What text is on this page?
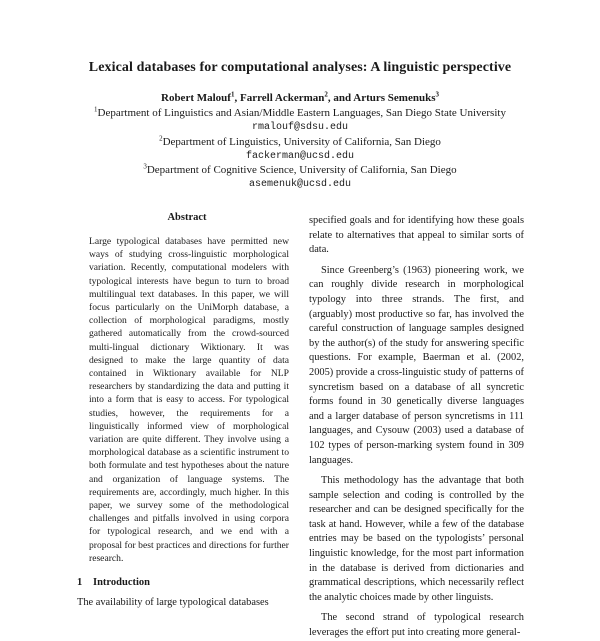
Lexical databases for computational analyses: A linguistic perspective
Robert Malouf$^1$, Farrell Ackerman$^2$, and Arturs Semenuks$^3$
$^1$Department of Linguistics and Asian/Middle Eastern Languages, San Diego State University
rmalouf@sdsu.edu
$^2$Department of Linguistics, University of California, San Diego
fackerman@ucsd.edu
$^3$Department of Cognitive Science, University of California, San Diego
asemenuk@ucsd.edu
Abstract

Large typological databases have permitted new ways of studying cross-linguistic morphological variation. Recently, computational modelers with typological interests have begun to turn to broad multilingual text databases. In this paper, we will focus particularly on the UniMorph database, a collection of morphological paradigms, mostly gathered automatically from the crowd-sourced multi-lingual dictionary Wiktionary. It was designed to make the large quantity of data contained in Wiktionary available for NLP researchers by standardizing the data and putting it into a form that is easy to access. For typological studies, however, the requirements for a linguistically informed view of morphological variation are quite different. They involve using a morphological database as a scientific instrument to both formulate and test hypotheses about the nature and organization of language systems. The requirements are, accordingly, much higher. In this paper, we survey some of the methodological challenges and pitfalls involved in using corpora for typological research, and we end with a proposal for best practices and directions for further research.

1 Introduction

The availability of large typological databases

specified goals and for identifying how these goals relate to alternatives that appeal to similar sorts of data.

Since Greenberg’s (1963) pioneering work, we can roughly divide research in morphological typology into three strands. The first, and (arguably) most productive so far, has involved the careful construction of language samples designed by the author(s) of the study for answering specific questions. For example, Baerman et al. (2002, 2005) provide a cross-linguistic study of patterns of syncretism based on a database of all syncretic forms found in 30 genetically diverse languages and a larger database of person syncretisms in 111 languages, and Cysouw (2003) used a database of 102 types of person-marking system found in 309 languages.

This methodology has the advantage that both sample selection and coding is controlled by the researcher and can be designed specifically for the task at hand. However, while a few of the database entries may be based on the typologists’ personal linguistic knowledge, for the most part information in the database is derived from dictionaries and grammatical descriptions, which necessarily reflect the analytic choices made by other linguists.

The second strand of typological research leverages the effort put into creating more general-
